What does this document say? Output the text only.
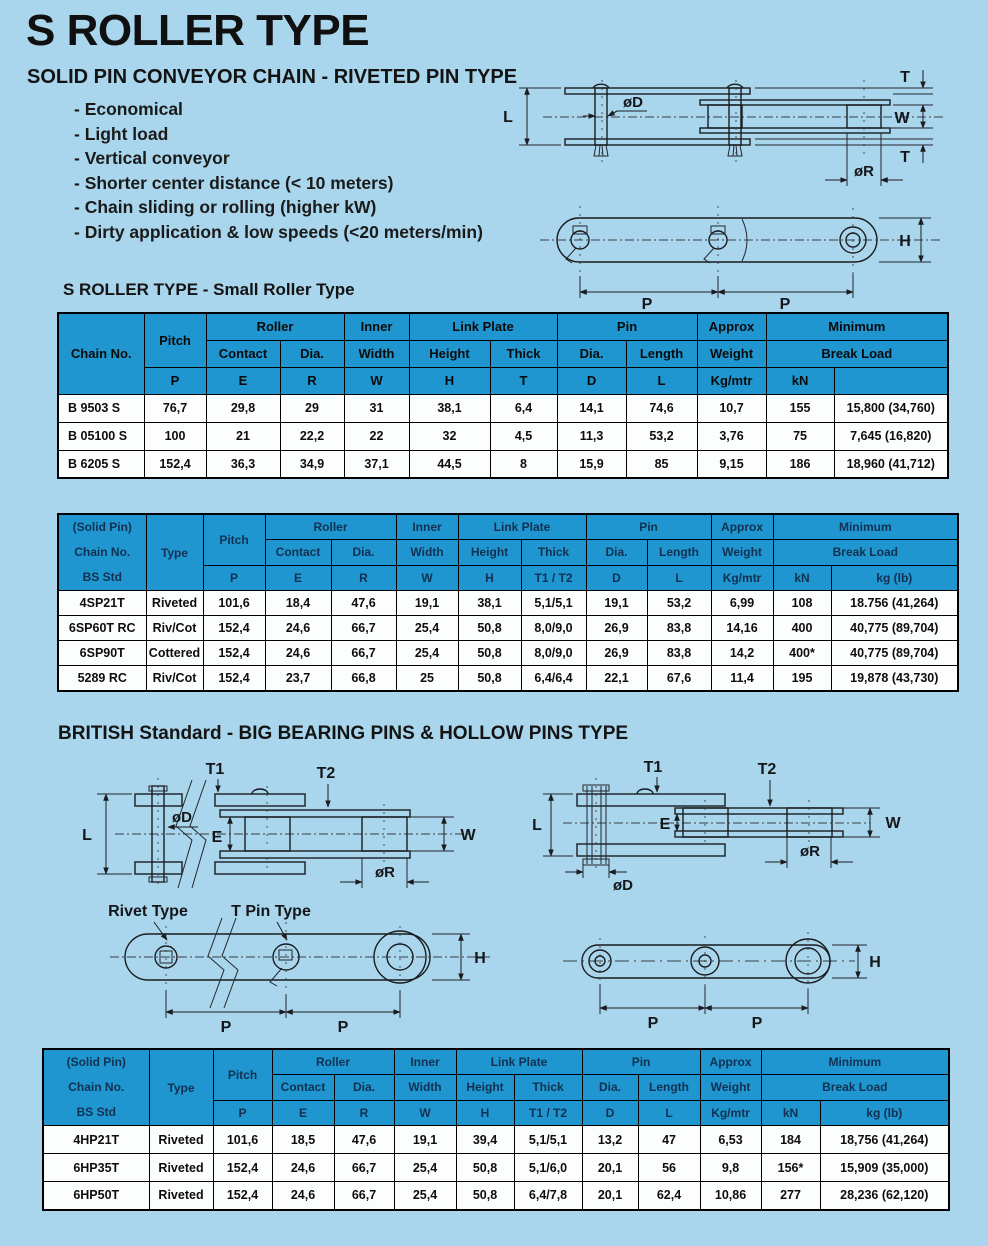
S ROLLER TYPE
SOLID PIN CONVEYOR CHAIN - RIVETED PIN TYPE
- Economical
- Light load
- Vertical conveyor
- Shorter center distance (< 10 meters)
- Chain sliding or rolling (higher kW)
- Dirty application & low speeds (<20 meters/min)
L
øD
T
W
T
øR
H
P	P
S ROLLER TYPE - Small Roller Type
Chain No.	Pitch	Roller		Inner	Link Plate		Pin		Approx	Minimum	
		Contact	Dia.	Width	Height	Thick	Dia.	Length	Weight	Break Load	
	P	E	R	W	H	T	D	L	Kg/mtr	kN	
B 9503 S	76,7	29,8	29	31	38,1	6,4	14,1	74,6	10,7	155	15,800 (34,760)
B 05100 S	100	21	22,2	22	32	4,5	11,3	53,2	3,76	75	7,645 (16,820)
B 6205 S	152,4	36,3	34,9	37,1	44,5	8	15,9	85	9,15	186	18,960 (41,712)
(Solid Pin)
Chain No.
BS Std	Type	Pitch	Roller		Inner	Link Plate		Pin		Approx	Minimum	
			Contact	Dia.	Width	Height	Thick	Dia.	Length	Weight	Break Load	
		P	E	R	W	H	T1 / T2	D	L	Kg/mtr	kN	kg (lb)
4SP21T	Riveted	101,6	18,4	47,6	19,1	38,1	5,1/5,1	19,1	53,2	6,99	108	18.756 (41,264)
6SP60T RC	Riv/Cot	152,4	24,6	66,7	25,4	50,8	8,0/9,0	26,9	83,8	14,16	400	40,775 (89,704)
6SP90T	Cottered	152,4	24,6	66,7	25,4	50,8	8,0/9,0	26,9	83,8	14,2	400*	40,775 (89,704)
5289 RC	Riv/Cot	152,4	23,7	66,8	25	50,8	6,4/6,4	22,1	67,6	11,4	195	19,878 (43,730)
BRITISH Standard - BIG BEARING PINS & HOLLOW PINS TYPE
T1	T2
L
øD
E	W
øR
Rivet Type	T Pin Type
H
P	P
T1	T2
L
øD
E	W
øR
H
P	P
(Solid Pin)
Chain No.
BS Std	Type	Pitch	Roller		Inner	Link Plate		Pin		Approx	Minimum	
			Contact	Dia.	Width	Height	Thick	Dia.	Length	Weight	Break Load	
		P	E	R	W	H	T1 / T2	D	L	Kg/mtr	kN	kg (lb)
4HP21T	Riveted	101,6	18,5	47,6	19,1	39,4	5,1/5,1	13,2	47	6,53	184	18,756 (41,264)
6HP35T	Riveted	152,4	24,6	66,7	25,4	50,8	5,1/6,0	20,1	56	9,8	156*	15,909 (35,000)
6HP50T	Riveted	152,4	24,6	66,7	25,4	50,8	6,4/7,8	20,1	62,4	10,86	277	28,236 (62,120)
